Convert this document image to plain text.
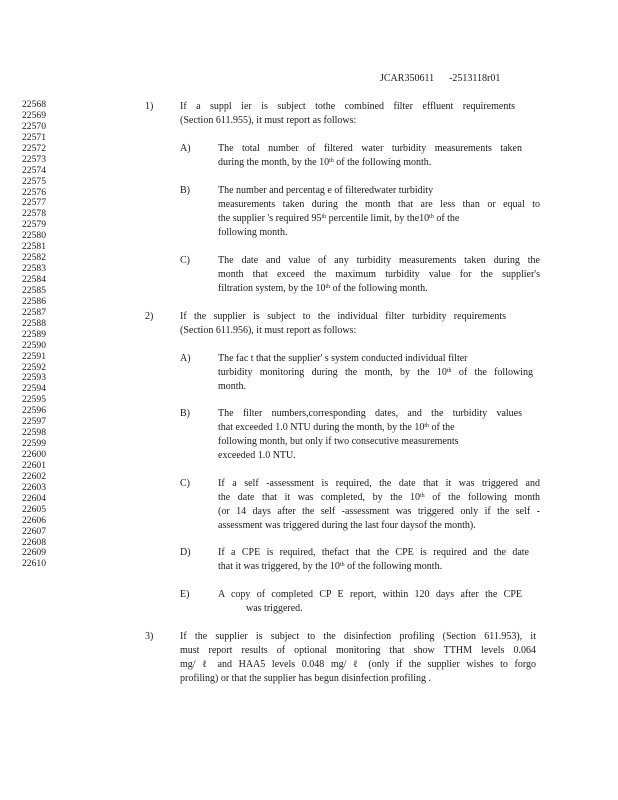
JCAR350611 -2513118r01
22568
22569
22570
22571
22572
22573
22574
22575
22576
22577
22578
22579
22580
22581
22582
22583
22584
22585
22586
22587
22588
22589
22590
22591
22592
22593
22594
22595
22596
22597
22598
22599
22600
22601
22602
22603
22604
22605
22606
22607
22608
22609
22610
1)	If a suppl ier is subject tothe combined filter effluent requirements
(Section 611.955), it must report as follows:
A)	The total number of filtered water turbidity measurements taken
during the month, by the 10th of the following month.
B)	The number and percentag e of filteredwater turbidity
measurements taken during the month that are less than or equal to
the supplier 's required 95th percentile limit, by the10th of the
following month.
C)	The date and value of any turbidity measurements taken during the
month that exceed the maximum turbidity value for the supplier's
filtration system, by the 10th of the following month.
2)	If the supplier is subject to the individual filter turbidity requirements
(Section 611.956), it must report as follows:
A)	The fac t that the supplier' s system conducted individual filter
turbidity monitoring during the month, by the 10th of the following
month.
B)	The filter numbers,corresponding dates, and the turbidity values
that exceeded 1.0 NTU during the month, by the 10th of the
following month, but only if two consecutive measurements
exceeded 1.0 NTU.
C)	If a self -assessment is required, the date that it was triggered and
the date that it was completed, by the 10th of the following month
(or 14 days after the self -assessment was triggered only if the self -
assessment was triggered during the last four daysof the month).
D)	If a CPE is required, thefact that the CPE is required and the date
that it was triggered, by the 10th of the following month.
E)	A copy of completed CP E report, within 120 days after the CPE
was triggered.
3)	If the supplier is subject to the disinfection profiling (Section 611.953), it
must report results of optional monitoring that show TTHM levels 0.064
mg/ ℓ and HAA5 levels 0.048 mg/ ℓ (only if the supplier wishes to forgo
profiling) or that the supplier has begun disinfection profiling .
